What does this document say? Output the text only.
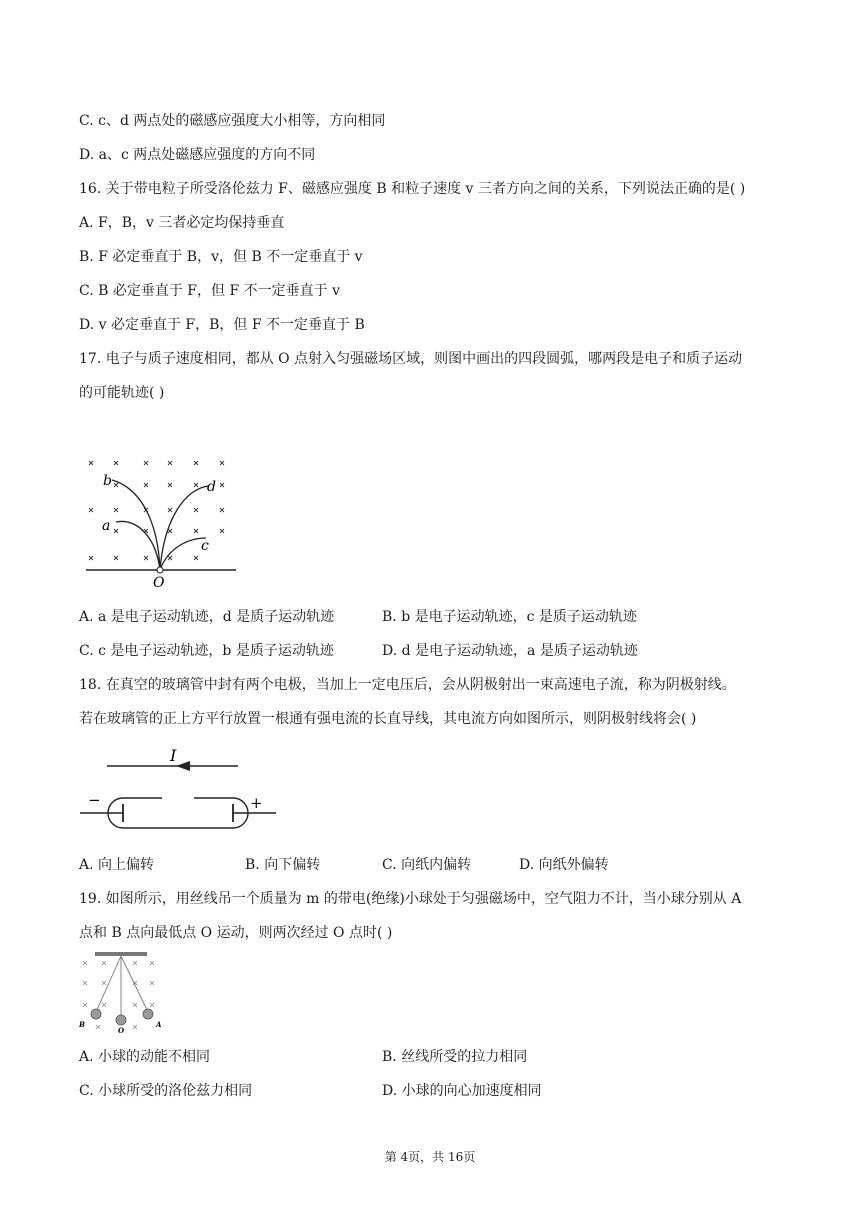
C. c、d 两点处的磁感应强度大小相等，方向相同
D. a、c 两点处磁感应强度的方向不同
16. 关于带电粒子所受洛伦兹力 F、磁感应强度 B 和粒子速度 v 三者方向之间的关系，下列说法正确的是( )
A. F，B，v 三者必定均保持垂直
B. F 必定垂直于 B，v，但 B 不一定垂直于 v
C. B 必定垂直于 F，但 F 不一定垂直于 v
D. v 必定垂直于 F，B，但 F 不一定垂直于 B
17. 电子与质子速度相同，都从 O 点射入匀强磁场区域，则图中画出的四段圆弧，哪两段是电子和质子运动
的可能轨迹( )
a
b
c
d
O
A. a 是电子运动轨迹，d 是质子运动轨迹	B. b 是电子运动轨迹，c 是质子运动轨迹
C. c 是电子运动轨迹，b 是质子运动轨迹	D. d 是电子运动轨迹，a 是质子运动轨迹
18. 在真空的玻璃管中封有两个电极，当加上一定电压后，会从阴极射出一束高速电子流，称为阴极射线。
若在玻璃管的正上方平行放置一根通有强电流的长直导线，其电流方向如图所示，则阴极射线将会( )
I
−	+
A. 向上偏转	B. 向下偏转	C. 向纸内偏转	D. 向纸外偏转
19. 如图所示，用丝线吊一个质量为 m 的带电(绝缘)小球处于匀强磁场中，空气阻力不计，当小球分别从 A
点和 B 点向最低点 O 运动，则两次经过 O 点时( )
B
O
A
A. 小球的动能不相同	B. 丝线所受的拉力相同
C. 小球所受的洛伦兹力相同	D. 小球的向心加速度相同
第 4页，共 16页
